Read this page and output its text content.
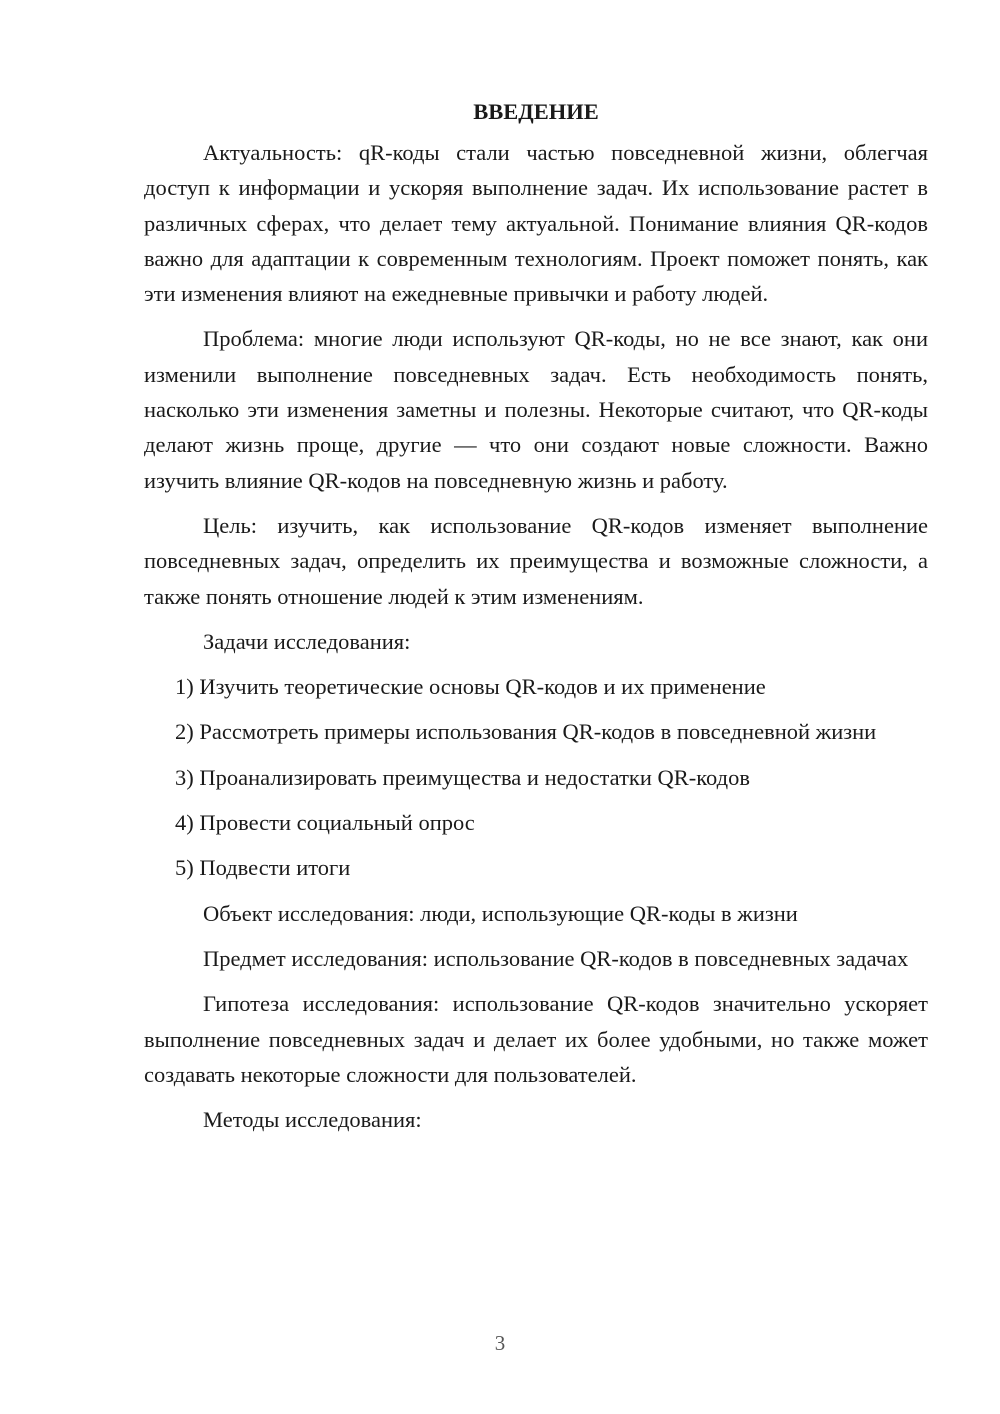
ВВЕДЕНИЕ

Актуальность: qR-коды стали частью повседневной жизни, облегчая доступ к информации и ускоряя выполнение задач. Их использование растет в различных сферах, что делает тему актуальной. Понимание влияния QR-кодов важно для адаптации к современным технологиям. Проект поможет понять, как эти изменения влияют на ежедневные привычки и работу людей.

Проблема: многие люди используют QR-коды, но не все знают, как они изменили выполнение повседневных задач. Есть необходимость понять, насколько эти изменения заметны и полезны. Некоторые считают, что QR-коды делают жизнь проще, другие — что они создают новые сложности. Важно изучить влияние QR-кодов на повседневную жизнь и работу.

Цель: изучить, как использование QR-кодов изменяет выполнение повседневных задач, определить их преимущества и возможные сложности, а также понять отношение людей к этим изменениям.

Задачи исследования:

1) Изучить теоретические основы QR-кодов и их применение

2) Рассмотреть примеры использования QR-кодов в повседневной жизни

3) Проанализировать преимущества и недостатки QR-кодов

4) Провести социальный опрос

5) Подвести итоги

Объект исследования: люди, использующие QR-коды в жизни

Предмет исследования: использование QR-кодов в повседневных задачах

Гипотеза исследования: использование QR-кодов значительно ускоряет выполнение повседневных задач и делает их более удобными, но также может создавать некоторые сложности для пользователей.

Методы исследования:

3
